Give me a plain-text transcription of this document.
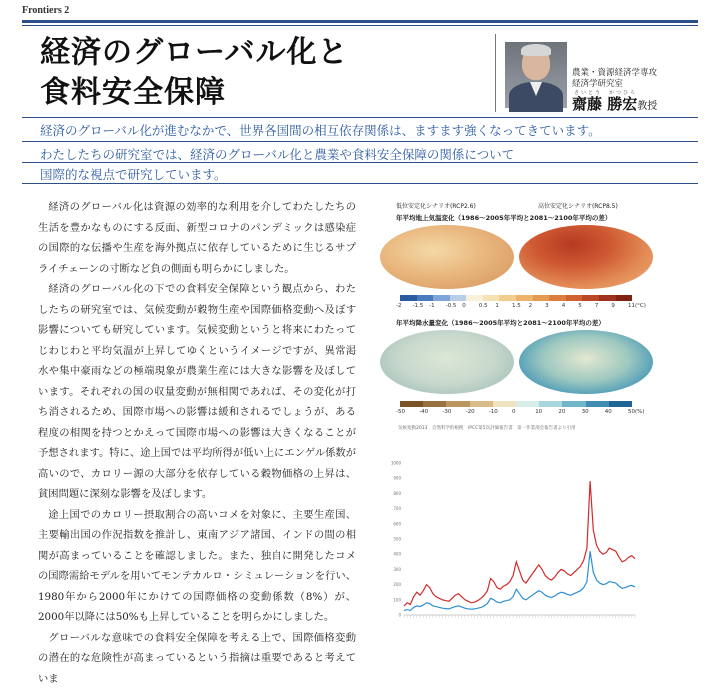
Frontiers 2
経済のグローバル化と
食料安全保障
農業・資源経済学専攻
経済学研究室
さいとう　かつひろ
齋藤 勝宏教授
経済のグローバル化が進むなかで、世界各国間の相互依存関係は、ますます強くなってきています。
わたしたちの研究室では、経済のグローバル化と農業や食料安全保障の関係について
国際的な視点で研究しています。

経済のグローバル化は資源の効率的な利用を介してわたしたちの生活を豊かなものにする反面、新型コロナのパンデミックは感染症の国際的な伝播や生産を海外拠点に依存しているために生じるサプライチェーンの寸断など負の側面も明らかにしました。

経済のグローバル化の下での食料安全保障という観点から、わたしたちの研究室では、気候変動が穀物生産や国際価格変動へ及ぼす影響についても研究しています。気候変動というと将来にわたってじわじわと平均気温が上昇してゆくというイメージですが、異常渇水や集中豪雨などの極端現象が農業生産には大きな影響を及ぼしています。それぞれの国の収量変動が無相関であれば、その変化が打ち消されるため、国際市場への影響は緩和されるでしょうが、ある程度の相関を持つとかえって国際市場への影響は大きくなることが予想されます。特に、途上国では平均所得が低い上にエンゲル係数が高いので、カロリー源の大部分を依存している穀物価格の上昇は、貧困問題に深刻な影響を及ぼします。

途上国でのカロリー摂取割合の高いコメを対象に、主要生産国、主要輸出国の作況指数を推計し、東南アジア諸国、インドの間の相関が高まっていることを確認しました。また、独自に開発したコメの国際需給モデルを用いてモンテカルロ・シミュレーションを行い、1980年から2000年にかけての国際価格の変動係数（8%）が、2000年以降には50%も上昇していることを明らかにしました。

グローバルな意味での食料安全保障を考える上で、国際価格変動の潜在的な危険性が高まっているという指摘は重要であると考えていま

低位安定化シナリオ(RCP2.6)	高位安定化シナリオ(RCP8.5)
年平均地上気温変化（1986〜2005年平均と2081〜2100年平均の差）
-2 -1.5 -1 -0.5 0 0.5 1 1.5 2 3 4 5 7 9 11 (°C)
年平均降水量変化（1986〜2005年平均と2081〜2100年平均の差）
-50	-40	-30	-20	-10	0	10	20	30	40	50 (%)
気候変動2013　自然科学的根拠　IPCC第5次評価報告書　第一作業部会報告書より引用
0
100
200
300
400
500
600
700
800
900
1000
